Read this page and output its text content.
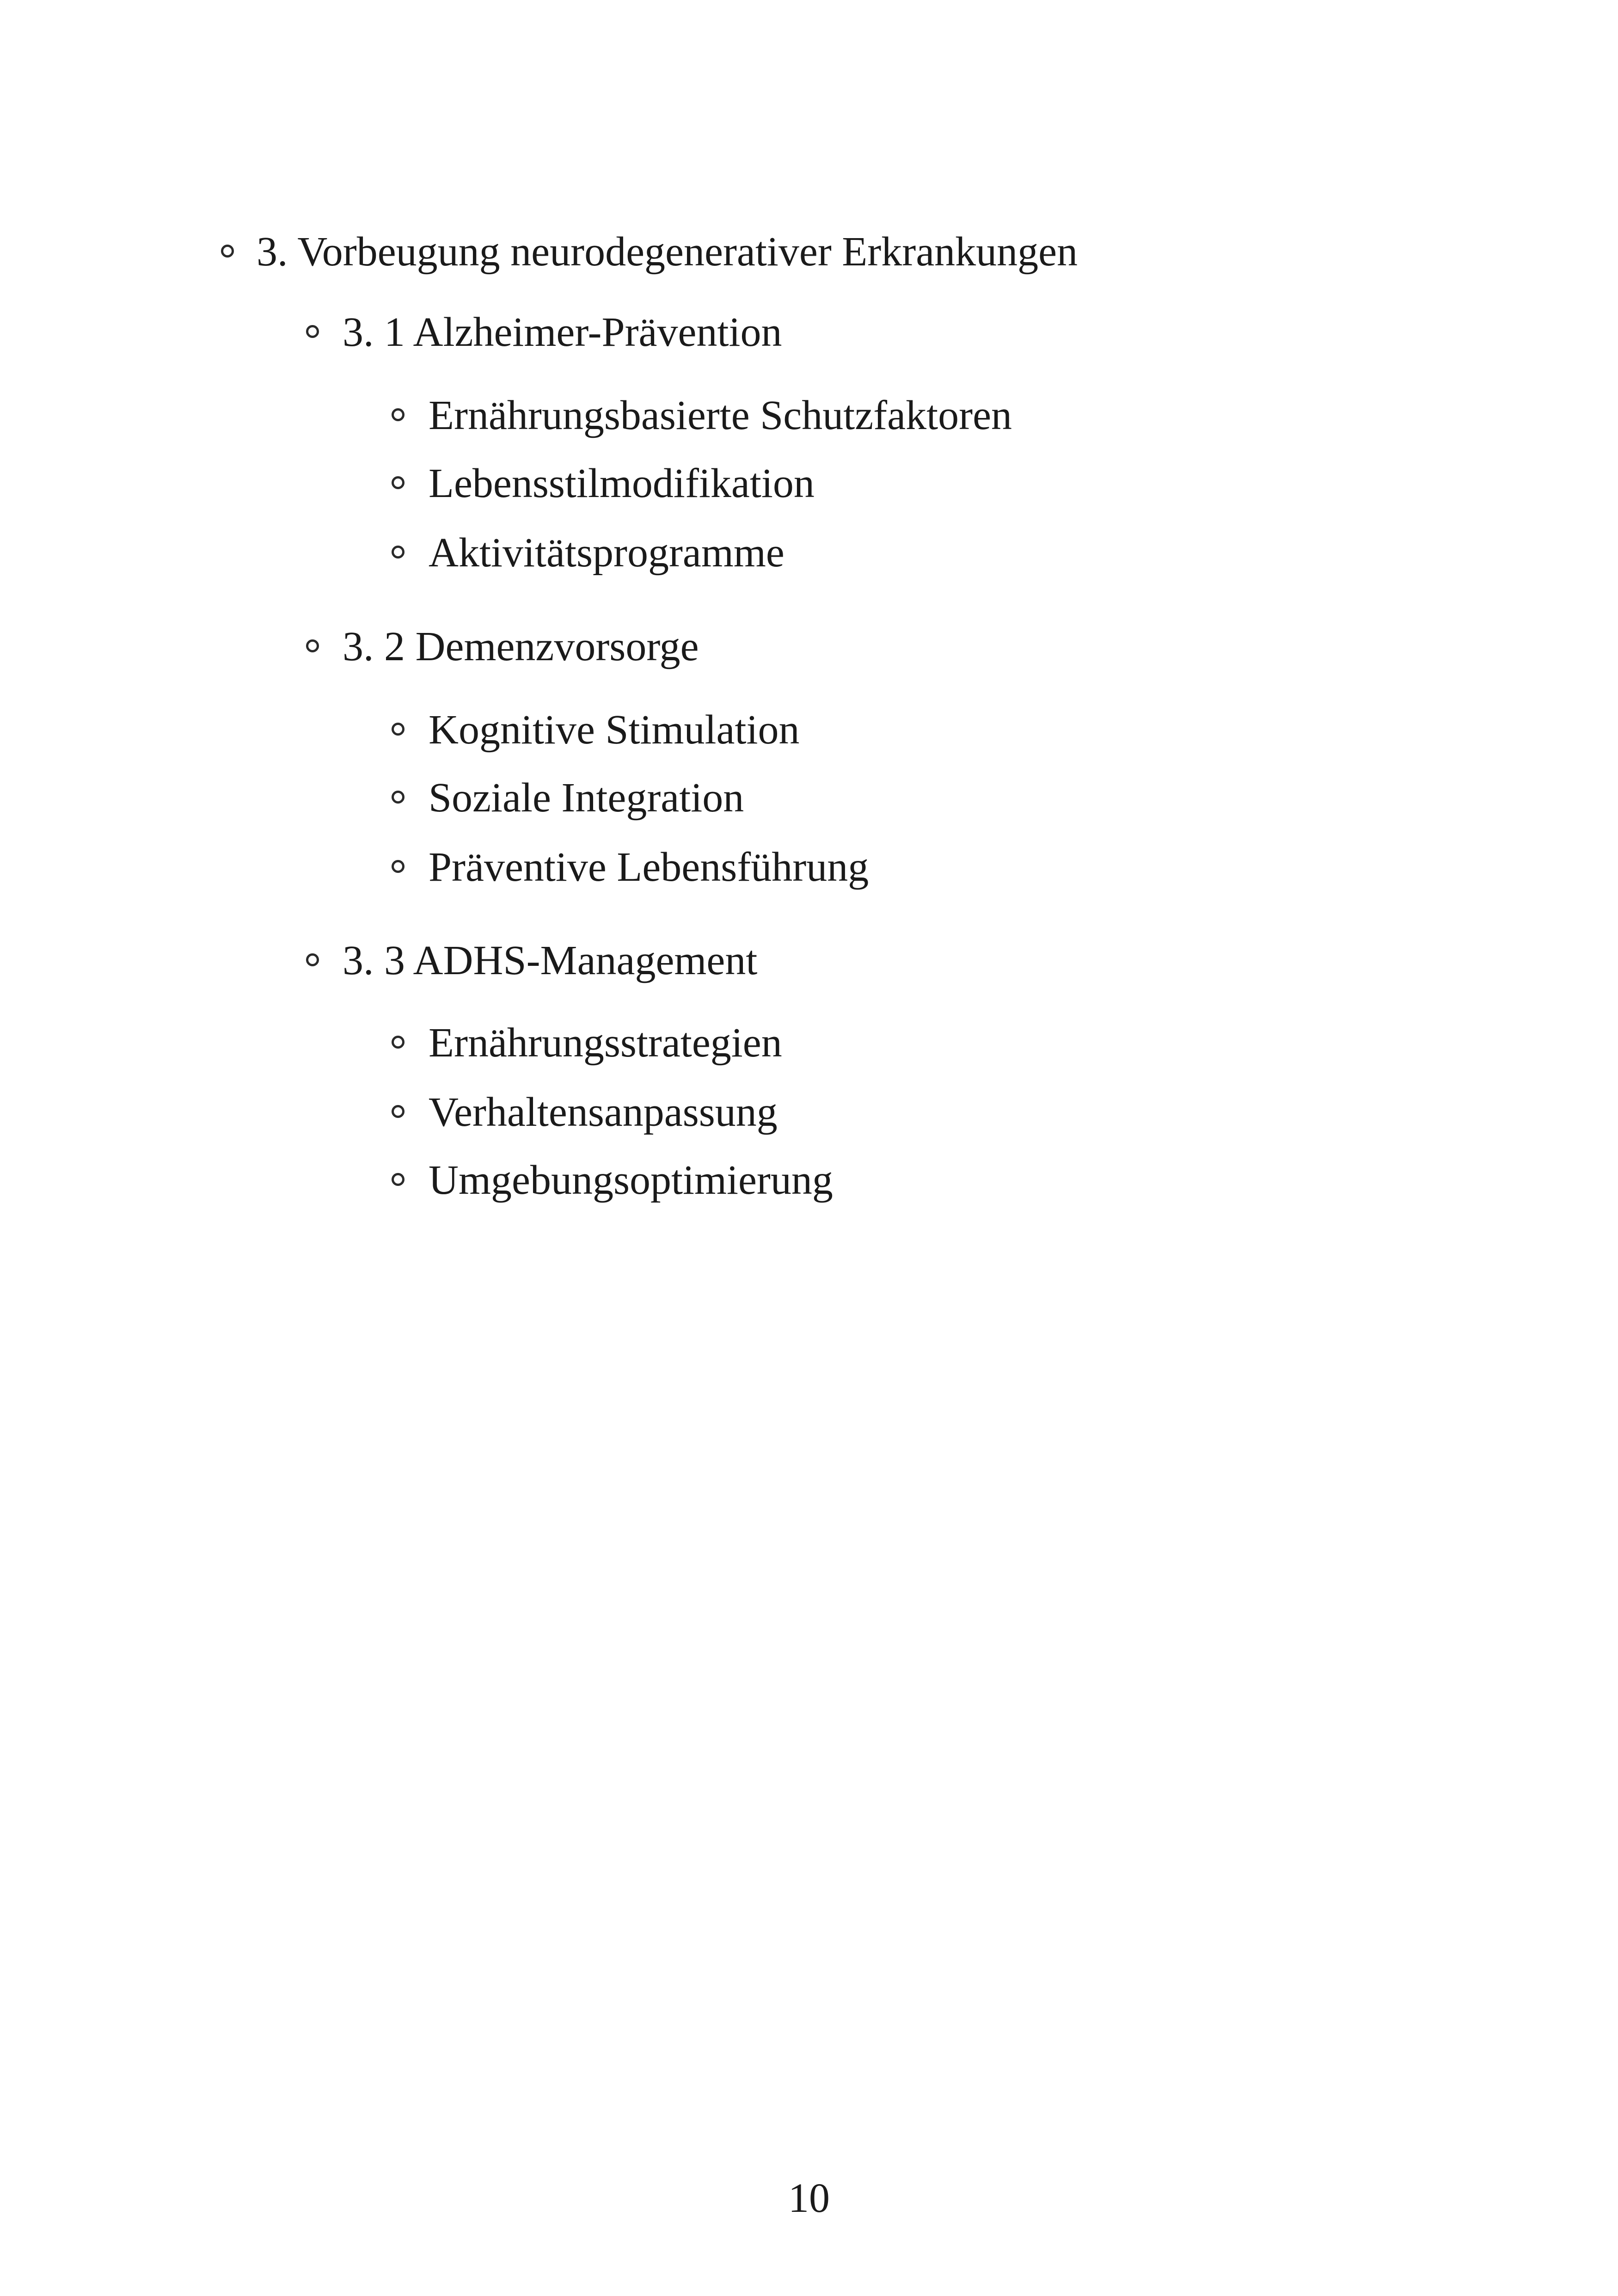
3. Vorbeugung neurodegenerativer Erkrankungen
3. 1 Alzheimer-Prävention
Ernährungsbasierte Schutzfaktoren
Lebensstilmodifikation
Aktivitätsprogramme
3. 2 Demenzvorsorge
Kognitive Stimulation
Soziale Integration
Präventive Lebensführung
3. 3 ADHS-Management
Ernährungsstrategien
Verhaltensanpassung
Umgebungsoptimierung
10
